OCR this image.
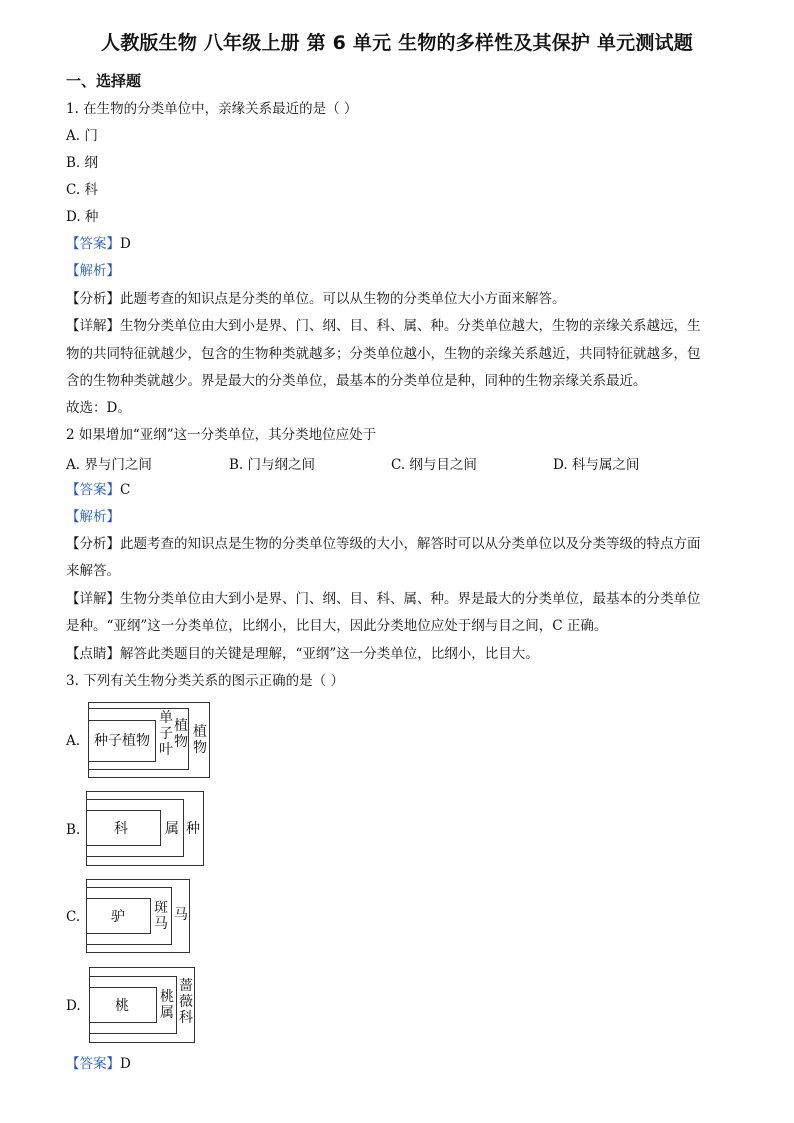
人教版生物 八年级上册 第 6 单元 生物的多样性及其保护 单元测试题
一、选择题
1. 在生物的分类单位中，亲缘关系最近的是（ ）
A. 门
B. 纲
C. 科
D. 种
【答案】D
【解析】
【分析】此题考查的知识点是分类的单位。可以从生物的分类单位大小方面来解答。
【详解】生物分类单位由大到小是界、门、纲、目、科、属、种。分类单位越大，生物的亲缘关系越远，生
物的共同特征就越少，包含的生物种类就越多；分类单位越小，生物的亲缘关系越近，共同特征就越多，包
含的生物种类就越少。界是最大的分类单位，最基本的分类单位是种，同种的生物亲缘关系最近。
故选：D。
2 如果增加“亚纲”这一分类单位，其分类地位应处于
A. 界与门之间	B. 门与纲之间	C. 纲与目之间	D. 科与属之间
【答案】C
【解析】
【分析】此题考查的知识点是生物的分类单位等级的大小，解答时可以从分类单位以及分类等级的特点方面
来解答。
【详解】生物分类单位由大到小是界、门、纲、目、科、属、种。界是最大的分类单位，最基本的分类单位
是种。“亚纲”这一分类单位，比纲小，比目大，因此分类地位应处于纲与目之间，C 正确。
【点睛】解答此类题目的关键是理解，“亚纲”这一分类单位，比纲小，比目大。
3. 下列有关生物分类关系的图示正确的是（ ）
A. 种子植物
单子叶
植物
植物
B.	科	属 种
C.	驴
斑马
马
D.	桃
桃属
蔷薇科
【答案】D
